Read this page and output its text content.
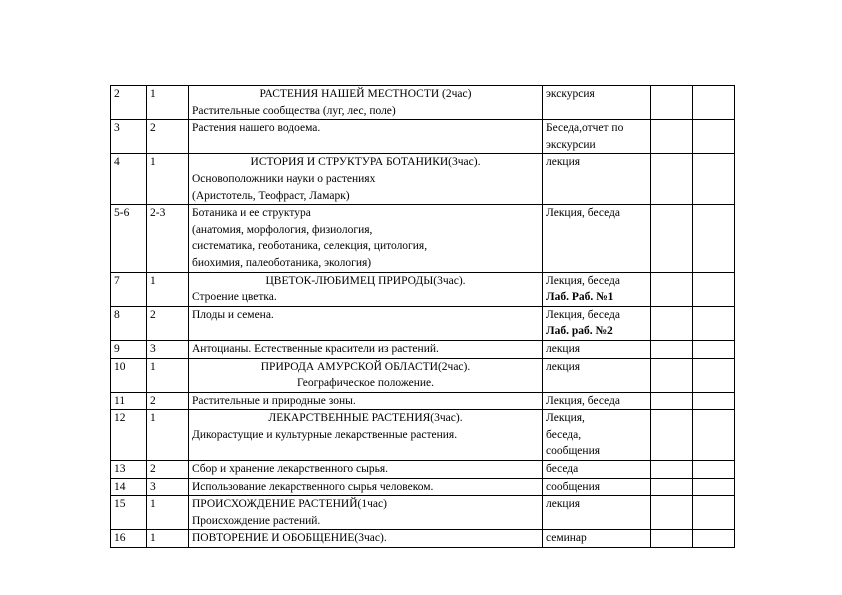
2	1	РАСТЕНИЯ НАШЕЙ МЕСТНОСТИ (2час)
Растительные сообщества (луг, лес, поле)	экскурсия		

3	2	Растения нашего водоема.	Беседа,отчет по
экскурсии		

4	1	ИСТОРИЯ И СТРУКТУРА БОТАНИКИ(3час).
Основоположники науки о растениях
(Аристотель, Теофраст, Ламарк)	лекция		

5-6	2-3	Ботаника и ее структура
(анатомия, морфология, физиология,
систематика, геоботаника, селекция, цитология,
биохимия, палеоботаника, экология)	Лекция, беседа		

7	1	ЦВЕТОК-ЛЮБИМЕЦ ПРИРОДЫ(3час).
Строение цветка.	Лекция, беседа
Лаб. Раб. №1		

8	2	Плоды и семена.	Лекция, беседа
Лаб. раб. №2		

9	3	Антоцианы. Естественные красители из растений.	лекция		

10	1	ПРИРОДА АМУРСКОЙ ОБЛАСТИ(2час).
Географическое положение.	лекция		

11	2	Растительные и природные зоны.	Лекция, беседа		

12	1	ЛЕКАРСТВЕННЫЕ РАСТЕНИЯ(3час).
Дикорастущие и культурные лекарственные растения.	Лекция,
беседа,
сообщения		

13	2	Сбор и хранение лекарственного сырья.	беседа		

14	3	Использование лекарственного сырья человеком.	сообщения		

15	1	ПРОИСХОЖДЕНИЕ РАСТЕНИЙ(1час)
Происхождение растений.	лекция		

16	1	ПОВТОРЕНИЕ И ОБОБЩЕНИЕ(3час).	семинар		
